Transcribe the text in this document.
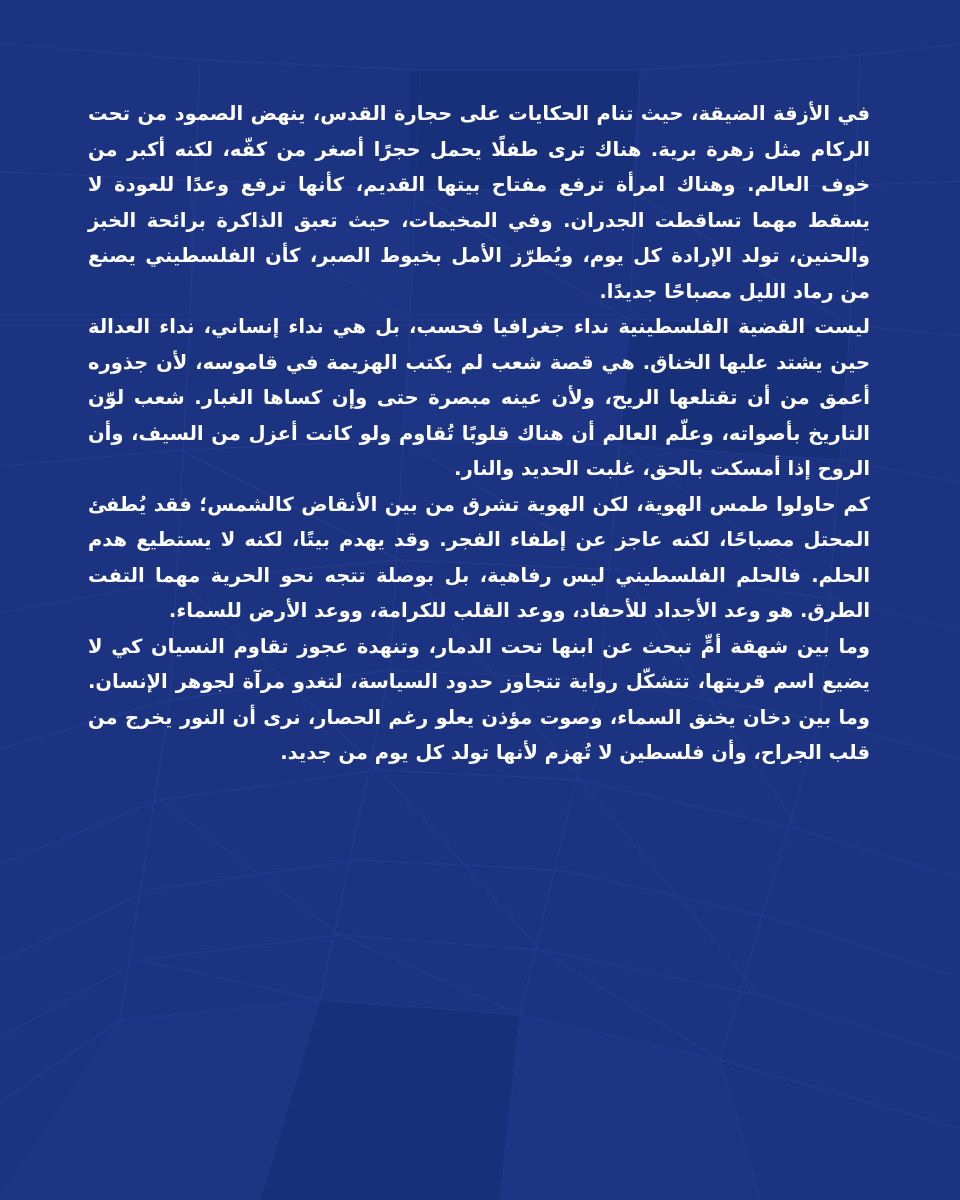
في الأزقة الضيقة، حيث تنام الحكايات على حجارة القدس، ينهض الصمود من تحت الركام مثل زهرة برية. هناك ترى طفلًا يحمل حجرًا أصغر من كفّه، لكنه أكبر من خوف العالم. وهناك امرأة ترفع مفتاح بيتها القديم، كأنها ترفع وعدًا للعودة لا يسقط مهما تساقطت الجدران. وفي المخيمات، حيث تعبق الذاكرة برائحة الخبز والحنين، تولد الإرادة كل يوم، ويُطرّز الأمل بخيوط الصبر، كأن الفلسطيني يصنع من رماد الليل مصباحًا جديدًا.

ليست القضية الفلسطينية نداء جغرافيا فحسب، بل هي نداء إنساني، نداء العدالة حين يشتد عليها الخناق. هي قصة شعب لم يكتب الهزيمة في قاموسه، لأن جذوره أعمق من أن تقتلعها الريح، ولأن عينه مبصرة حتى وإن كساها الغبار. شعب لوّن التاريخ بأصواته، وعلّم العالم أن هناك قلوبًا تُقاوم ولو كانت أعزل من السيف، وأن الروح إذا أمسكت بالحق، غلبت الحديد والنار.

كم حاولوا طمس الهوية، لكن الهوية تشرق من بين الأنقاض كالشمس؛ فقد يُطفئ المحتل مصباحًا، لكنه عاجز عن إطفاء الفجر. وقد يهدم بيتًا، لكنه لا يستطيع هدم الحلم. فالحلم الفلسطيني ليس رفاهية، بل بوصلة تتجه نحو الحرية مهما التفت الطرق. هو وعد الأجداد للأحفاد، ووعد القلب للكرامة، ووعد الأرض للسماء.

وما بين شهقة أمٍّ تبحث عن ابنها تحت الدمار، وتنهدة عجوز تقاوم النسيان كي لا يضيع اسم قريتها، تتشكّل رواية تتجاوز حدود السياسة، لتغدو مرآة لجوهر الإنسان. وما بين دخان يخنق السماء، وصوت مؤذن يعلو رغم الحصار، نرى أن النور يخرج من قلب الجراح، وأن فلسطين لا تُهزم لأنها تولد كل يوم من جديد.
